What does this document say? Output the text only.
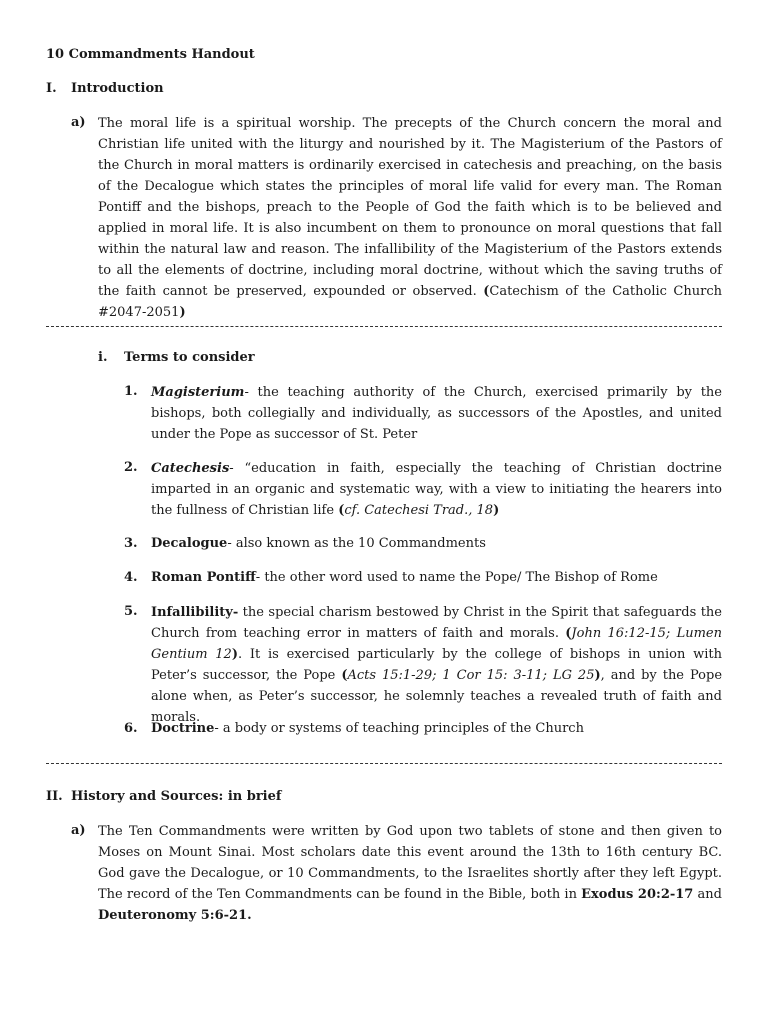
10 Commandments Handout
I. Introduction
a) The moral life is a spiritual worship. The precepts of the Church concern the moral and Christian life united with the liturgy and nourished by it. The Magisterium of the Pastors of the Church in moral matters is ordinarily exercised in catechesis and preaching, on the basis of the Decalogue which states the principles of moral life valid for every man. The Roman Pontiff and the bishops, preach to the People of God the faith which is to be believed and applied in moral life. It is also incumbent on them to pronounce on moral questions that fall within the natural law and reason. The infallibility of the Magisterium of the Pastors extends to all the elements of doctrine, including moral doctrine, without which the saving truths of the faith cannot be preserved, expounded or observed. (Catechism of the Catholic Church #2047-2051)
i. Terms to consider
1. Magisterium- the teaching authority of the Church, exercised primarily by the bishops, both collegially and individually, as successors of the Apostles, and united under the Pope as successor of St. Peter
2. Catechesis- “education in faith, especially the teaching of Christian doctrine imparted in an organic and systematic way, with a view to initiating the hearers into the fullness of Christian life (cf. Catechesi Trad., 18)
3. Decalogue- also known as the 10 Commandments
4. Roman Pontiff- the other word used to name the Pope/ The Bishop of Rome
5. Infallibility- the special charism bestowed by Christ in the Spirit that safeguards the Church from teaching error in matters of faith and morals. (John 16:12-15; Lumen Gentium 12). It is exercised particularly by the college of bishops in union with Peter’s successor, the Pope (Acts 15:1-29; 1 Cor 15: 3-11; LG 25), and by the Pope alone when, as Peter’s successor, he solemnly teaches a revealed truth of faith and morals.
6. Doctrine- a body or systems of teaching principles of the Church
II. History and Sources: in brief
a) The Ten Commandments were written by God upon two tablets of stone and then given to Moses on Mount Sinai. Most scholars date this event around the 13th to 16th century BC. God gave the Decalogue, or 10 Commandments, to the Israelites shortly after they left Egypt. The record of the Ten Commandments can be found in the Bible, both in Exodus 20:2-17 and Deuteronomy 5:6-21.
